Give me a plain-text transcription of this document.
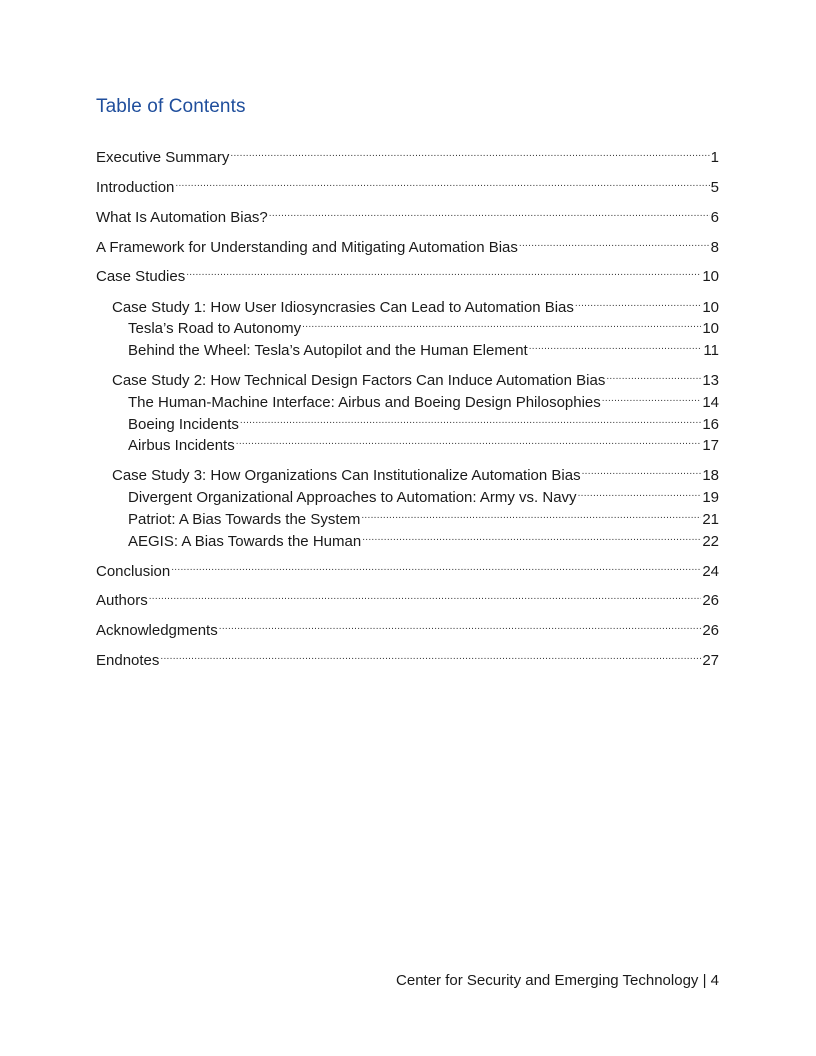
Table of Contents
Executive Summary .....	1
Introduction .....	5
What Is Automation Bias? .....	6
A Framework for Understanding and Mitigating Automation Bias .....	8
Case Studies .....	10
Case Study 1: How User Idiosyncrasies Can Lead to Automation Bias .....	10
Tesla’s Road to Autonomy .....	10
Behind the Wheel: Tesla’s Autopilot and the Human Element .....	11
Case Study 2: How Technical Design Factors Can Induce Automation Bias .....	13
The Human-Machine Interface: Airbus and Boeing Design Philosophies .....	14
Boeing Incidents .....	16
Airbus Incidents .....	17
Case Study 3: How Organizations Can Institutionalize Automation Bias .....	18
Divergent Organizational Approaches to Automation: Army vs. Navy .....	19
Patriot: A Bias Towards the System .....	21
AEGIS: A Bias Towards the Human .....	22
Conclusion .....	24
Authors .....	26
Acknowledgments .....	26
Endnotes .....	27
Center for Security and Emerging Technology | 4
